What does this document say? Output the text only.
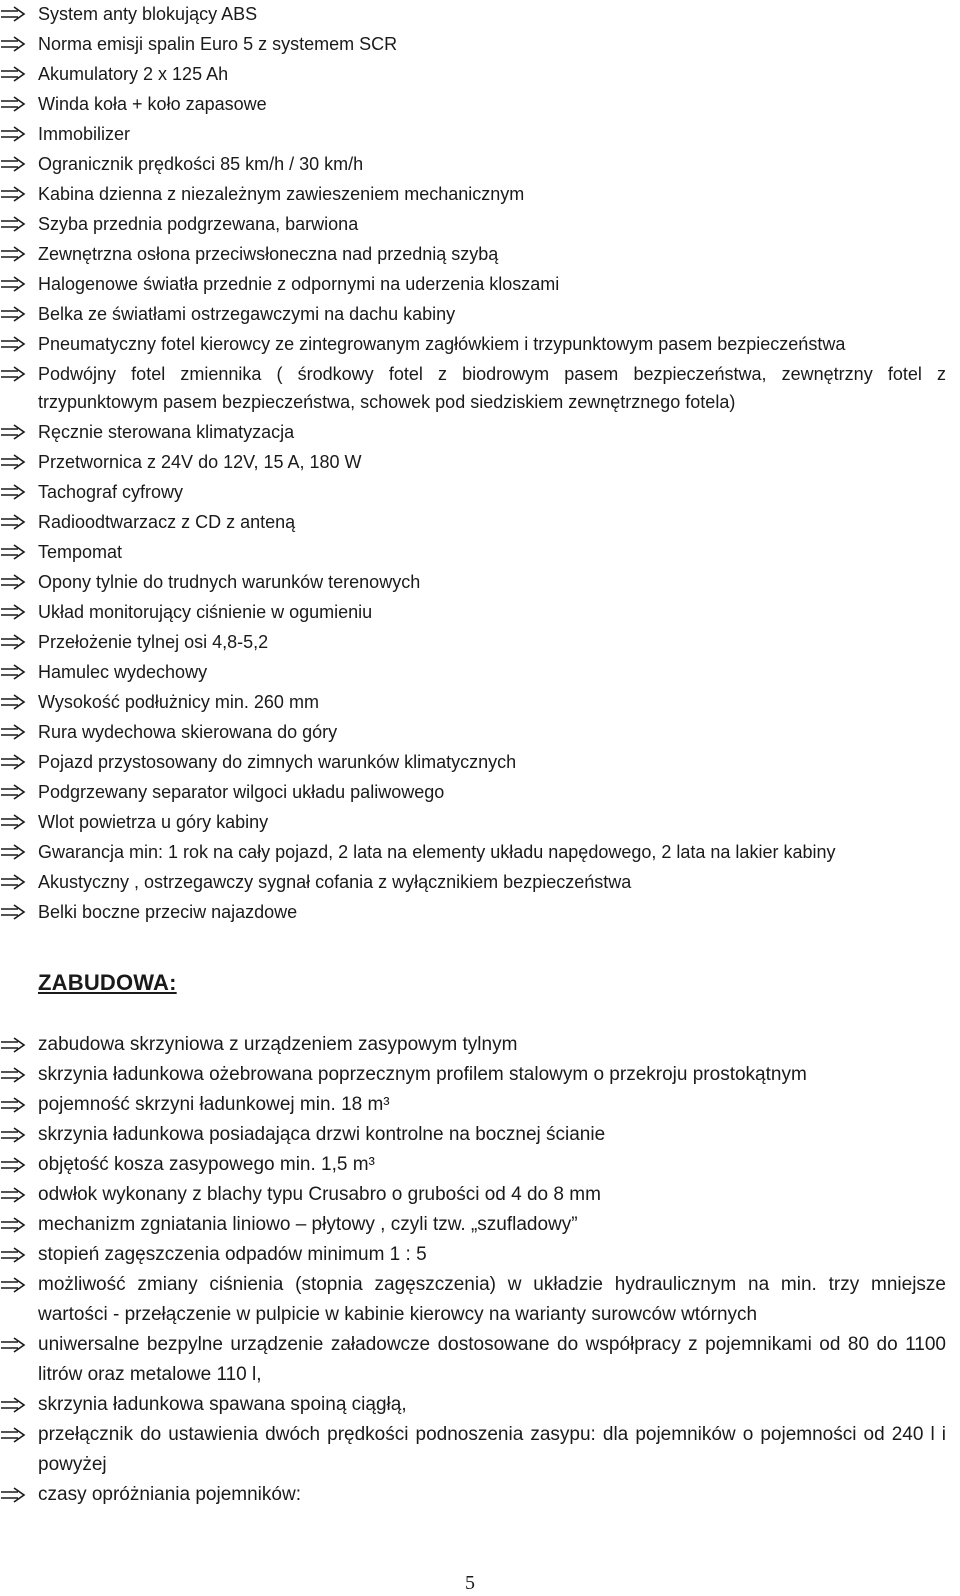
System anty blokujący ABS
Norma emisji spalin Euro 5 z systemem SCR
Akumulatory 2 x 125 Ah
Winda koła + koło zapasowe
Immobilizer
Ogranicznik prędkości 85 km/h / 30 km/h
Kabina dzienna z niezależnym zawieszeniem mechanicznym
Szyba przednia podgrzewana, barwiona
Zewnętrzna osłona przeciwsłoneczna nad przednią szybą
Halogenowe światła przednie z odpornymi na uderzenia kloszami
Belka ze światłami ostrzegawczymi na dachu kabiny
Pneumatyczny fotel kierowcy ze zintegrowanym zagłówkiem i trzypunktowym pasem bezpieczeństwa
Podwójny fotel zmiennika ( środkowy fotel z biodrowym pasem bezpieczeństwa, zewnętrzny fotel z trzypunktowym pasem bezpieczeństwa, schowek pod siedziskiem zewnętrznego fotela)
Ręcznie sterowana klimatyzacja
Przetwornica z 24V do 12V, 15 A, 180 W
Tachograf cyfrowy
Radioodtwarzacz z CD z anteną
Tempomat
Opony tylnie do trudnych warunków terenowych
Układ monitorujący ciśnienie w ogumieniu
Przełożenie tylnej osi 4,8-5,2
Hamulec wydechowy
Wysokość podłużnicy min. 260 mm
Rura wydechowa skierowana do góry
Pojazd przystosowany do zimnych warunków klimatycznych
Podgrzewany separator wilgoci układu paliwowego
Wlot powietrza u góry kabiny
Gwarancja min: 1 rok na cały pojazd, 2 lata na elementy układu napędowego, 2 lata na lakier kabiny
Akustyczny , ostrzegawczy sygnał cofania z wyłącznikiem bezpieczeństwa
Belki boczne przeciw najazdowe
ZABUDOWA:
zabudowa skrzyniowa z urządzeniem zasypowym tylnym
skrzynia ładunkowa ożebrowana poprzecznym profilem stalowym o przekroju prostokątnym
pojemność skrzyni ładunkowej min. 18 m³
skrzynia ładunkowa posiadająca drzwi kontrolne na bocznej ścianie
objętość kosza zasypowego min. 1,5 m³
odwłok wykonany z blachy typu Crusabro o grubości od 4 do 8 mm
mechanizm zgniatania liniowo – płytowy , czyli tzw. „szufladowy”
stopień zagęszczenia odpadów minimum 1 : 5
możliwość zmiany ciśnienia (stopnia zagęszczenia) w układzie hydraulicznym na min. trzy mniejsze wartości - przełączenie w pulpicie w kabinie kierowcy na warianty surowców wtórnych
uniwersalne bezpylne urządzenie załadowcze dostosowane do współpracy z pojemnikami od 80 do 1100 litrów oraz metalowe 110 l,
skrzynia ładunkowa spawana spoiną ciągłą,
przełącznik do ustawienia dwóch prędkości podnoszenia zasypu: dla pojemników o pojemności od 240 l i powyżej
czasy opróżniania pojemników:
5
